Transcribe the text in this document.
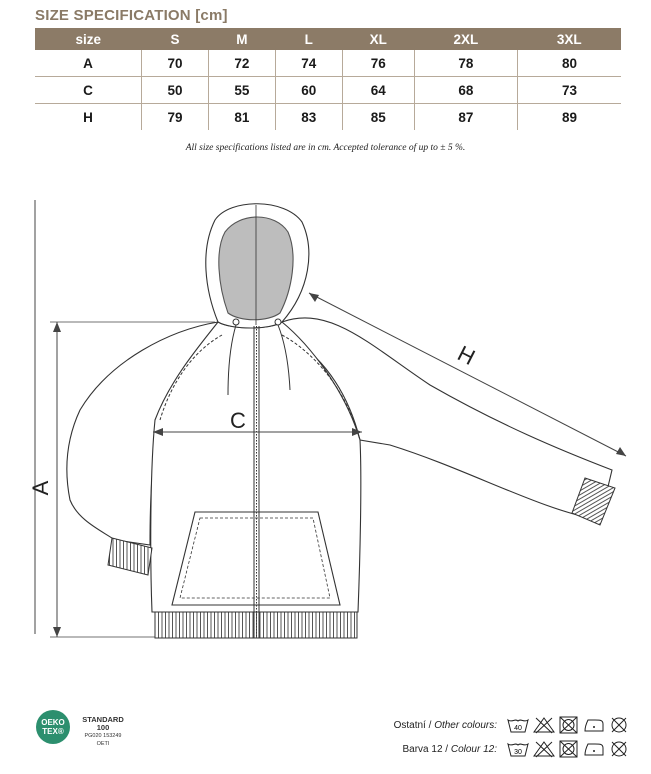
SIZE SPECIFICATION [cm]
size	S	M	L	XL	2XL	3XL
A	70	72	74	76	78	80
C	50	55	60	64	68	73
H	79	81	83	85	87	89
All size specifications listed are in cm. Accepted tolerance of up to ± 5 %.
A
C
H
OEKO
TEX®
STANDARD
100
PG020 153249
OETI
Ostatní / Other colours: 40
Barva 12 / Colour 12: 30
